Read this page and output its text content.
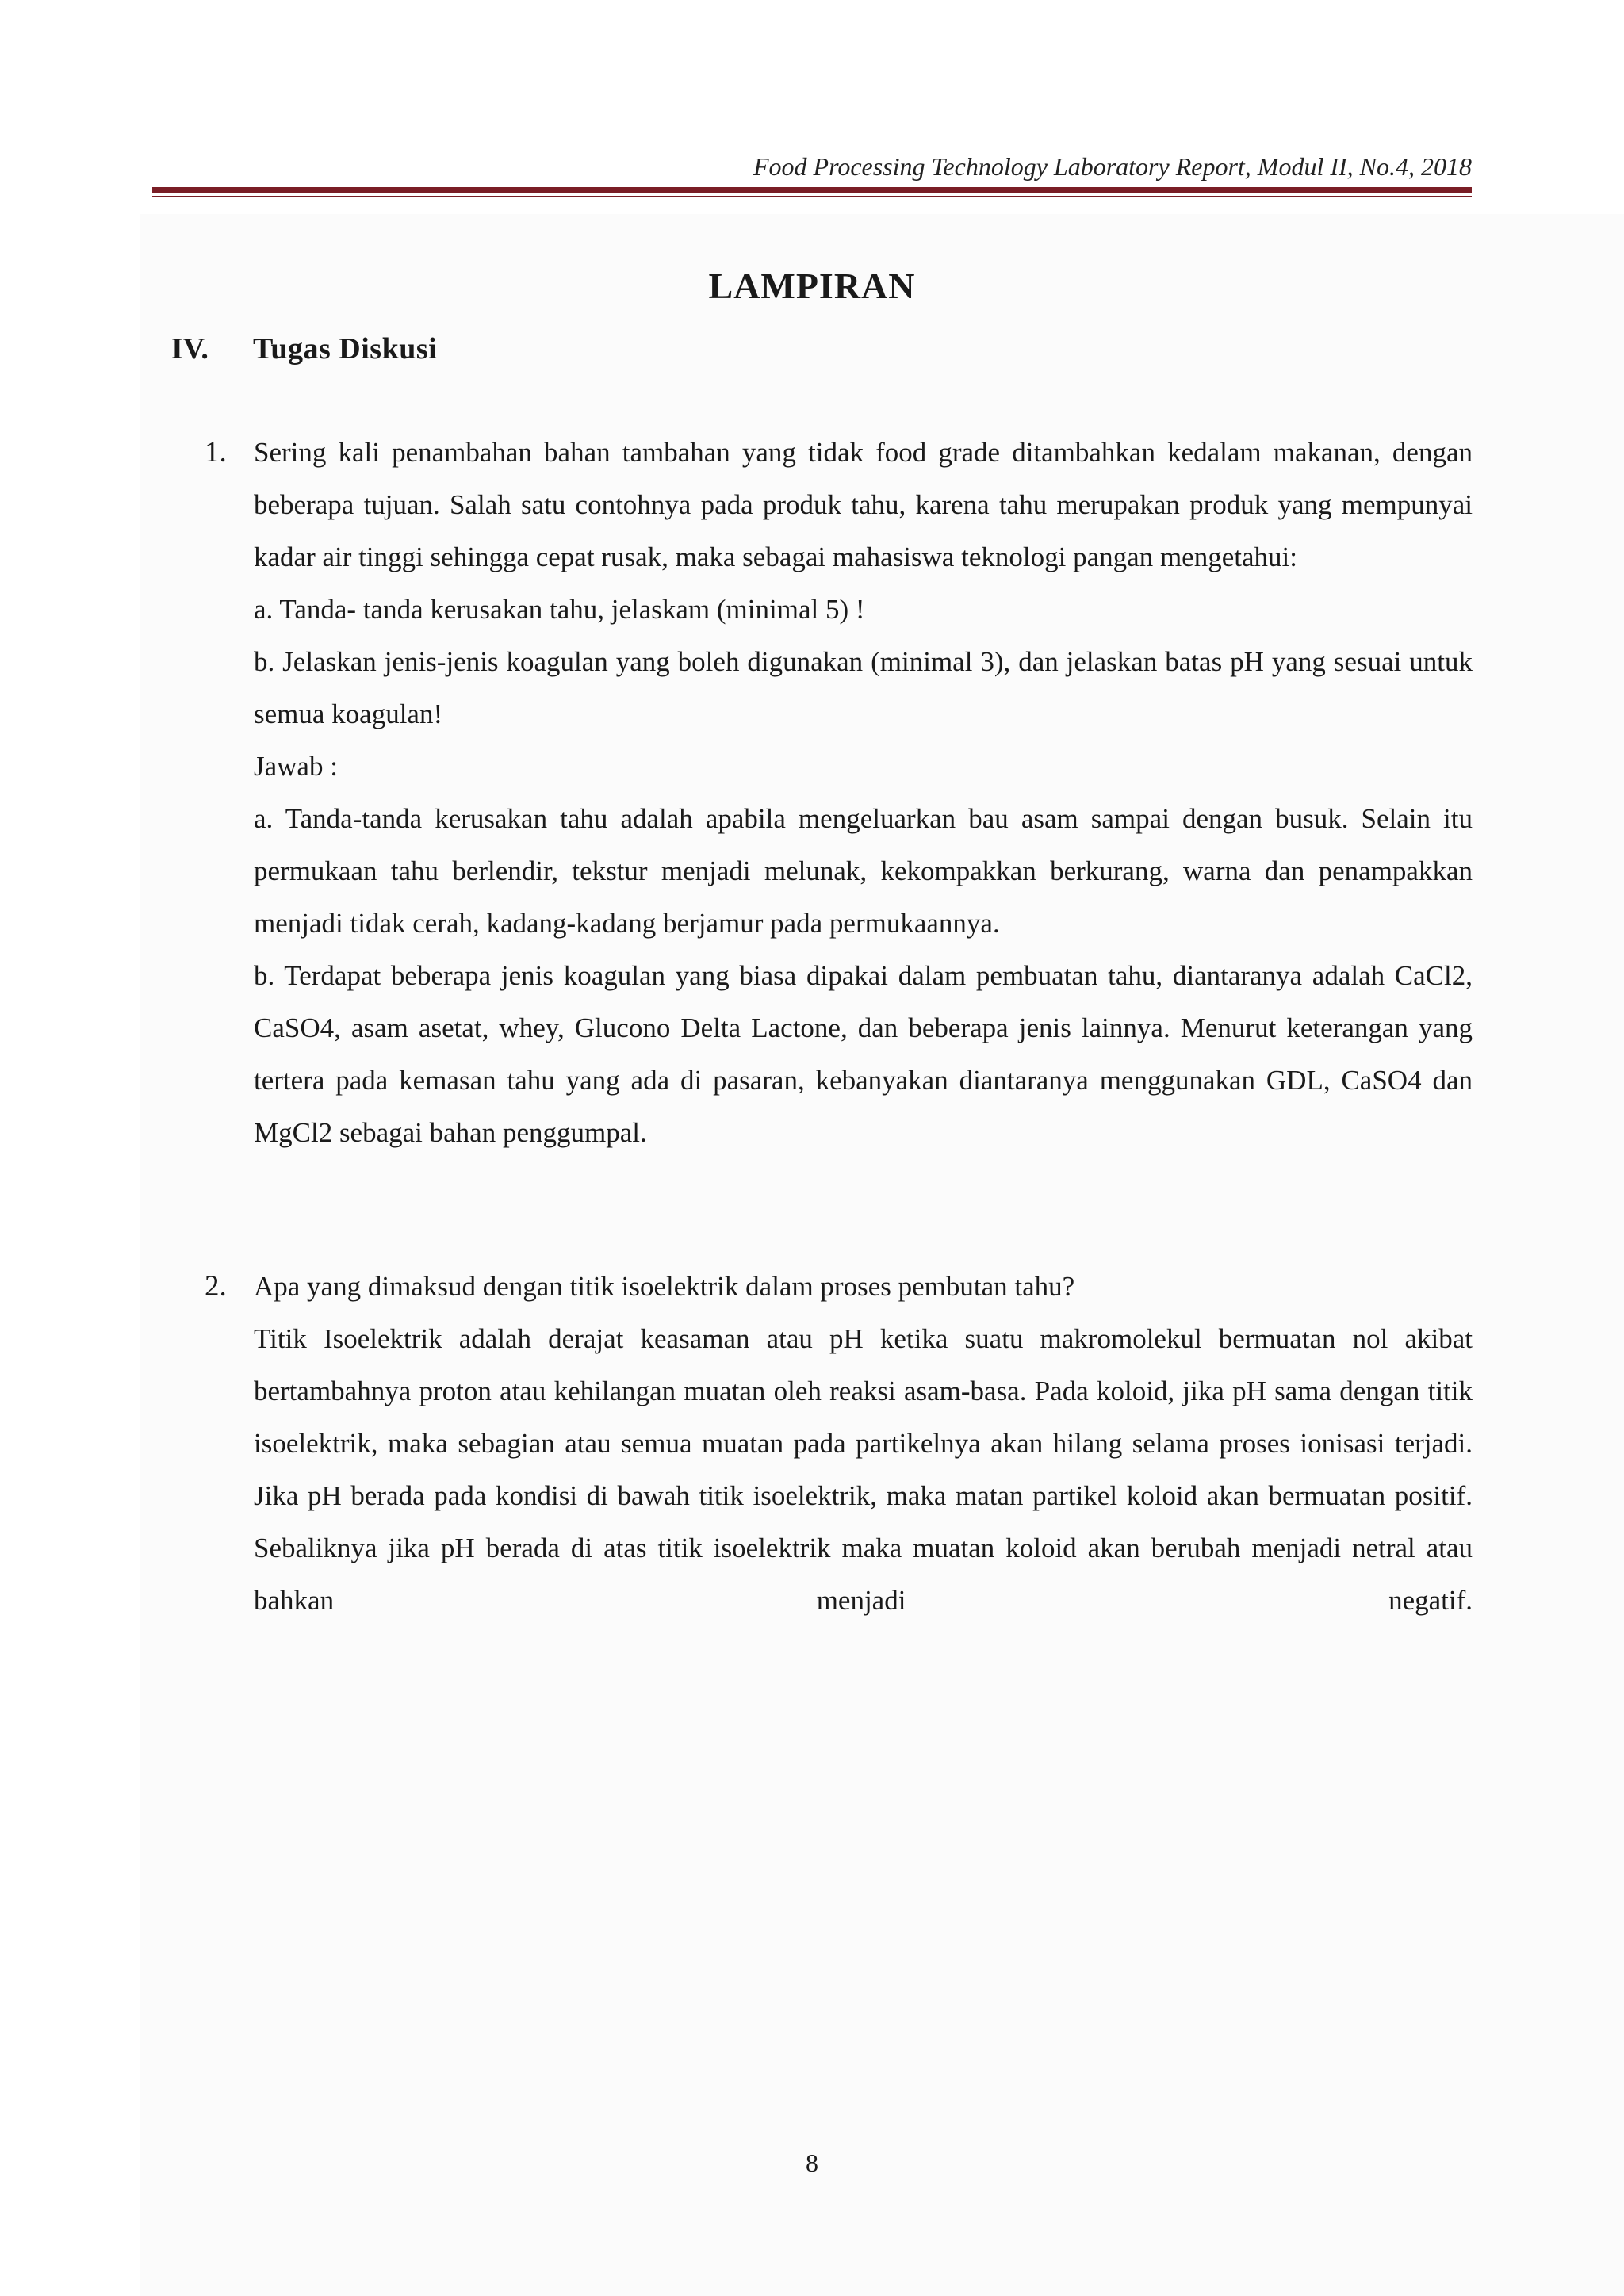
Food Processing Technology Laboratory Report, Modul II, No.4, 2018
LAMPIRAN
IV. Tugas Diskusi
1. Sering kali penambahan bahan tambahan yang tidak food grade ditambahkan kedalam makanan, dengan beberapa tujuan. Salah satu contohnya pada produk tahu, karena tahu merupakan produk yang mempunyai kadar air tinggi sehingga cepat rusak, maka sebagai mahasiswa teknologi pangan mengetahui:

a. Tanda- tanda kerusakan tahu, jelaskam (minimal 5) !

b. Jelaskan jenis-jenis koagulan yang boleh digunakan (minimal 3), dan jelaskan batas pH yang sesuai untuk semua koagulan!

Jawab :

a. Tanda-tanda kerusakan tahu adalah apabila mengeluarkan bau asam sampai dengan busuk. Selain itu permukaan tahu berlendir, tekstur menjadi melunak, kekompakkan berkurang, warna dan penampakkan menjadi tidak cerah, kadang-kadang berjamur pada permukaannya.

b. Terdapat beberapa jenis koagulan yang biasa dipakai dalam pembuatan tahu, diantaranya adalah CaCl2, CaSO4, asam asetat, whey, Glucono Delta Lactone, dan beberapa jenis lainnya. Menurut keterangan yang tertera pada kemasan tahu yang ada di pasaran, kebanyakan diantaranya menggunakan GDL, CaSO4 dan MgCl2 sebagai bahan penggumpal.

2. Apa yang dimaksud dengan titik isoelektrik dalam proses pembutan tahu?

Titik Isoelektrik adalah derajat keasaman atau pH ketika suatu makromolekul bermuatan nol akibat bertambahnya proton atau kehilangan muatan oleh reaksi asam-basa. Pada koloid, jika pH sama dengan titik isoelektrik, maka sebagian atau semua muatan pada partikelnya akan hilang selama proses ionisasi terjadi. Jika pH berada pada kondisi di bawah titik isoelektrik, maka matan partikel koloid akan bermuatan positif. Sebaliknya jika pH berada di atas titik isoelektrik maka muatan koloid akan berubah menjadi netral atau bahkan menjadi negatif.

8
